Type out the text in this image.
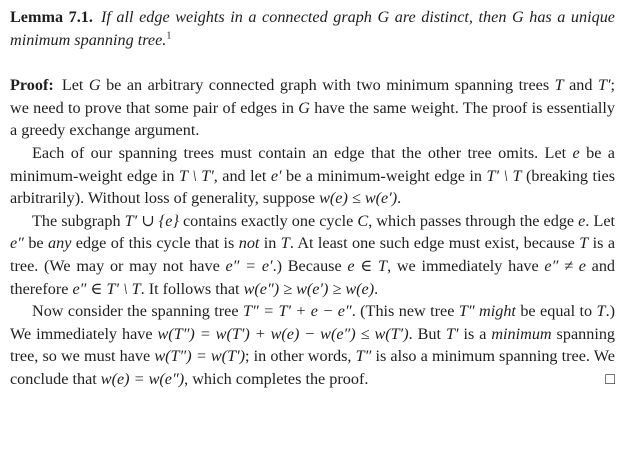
Lemma 7.1.  If all edge weights in a connected graph G are distinct, then G has a unique minimum spanning tree.$^1$

Proof: Let G be an arbitrary connected graph with two minimum spanning trees T and T′; we need to prove that some pair of edges in G have the same weight. The proof is essentially a greedy exchange argument.

Each of our spanning trees must contain an edge that the other tree omits. Let e be a minimum-weight edge in T \ T′, and let e′ be a minimum-weight edge in T′ \ T (breaking ties arbitrarily). Without loss of generality, suppose w(e) ≤ w(e′).

The subgraph T′ ∪ {e} contains exactly one cycle C, which passes through the edge e. Let e″ be any edge of this cycle that is not in T. At least one such edge must exist, because T is a tree. (We may or may not have e″ = e′.) Because e ∈ T, we immediately have e″ ≠ e and therefore e″ ∈ T′ \ T. It follows that w(e″) ≥ w(e′) ≥ w(e).

Now consider the spanning tree T″ = T′ + e − e″. (This new tree T″ might be equal to T.) We immediately have w(T″) = w(T′) + w(e) − w(e″) ≤ w(T′). But T′ is a minimum spanning tree, so we must have w(T″) = w(T′); in other words, T″ is also a minimum spanning tree. We conclude that w(e) = w(e″), which completes the proof.	□
